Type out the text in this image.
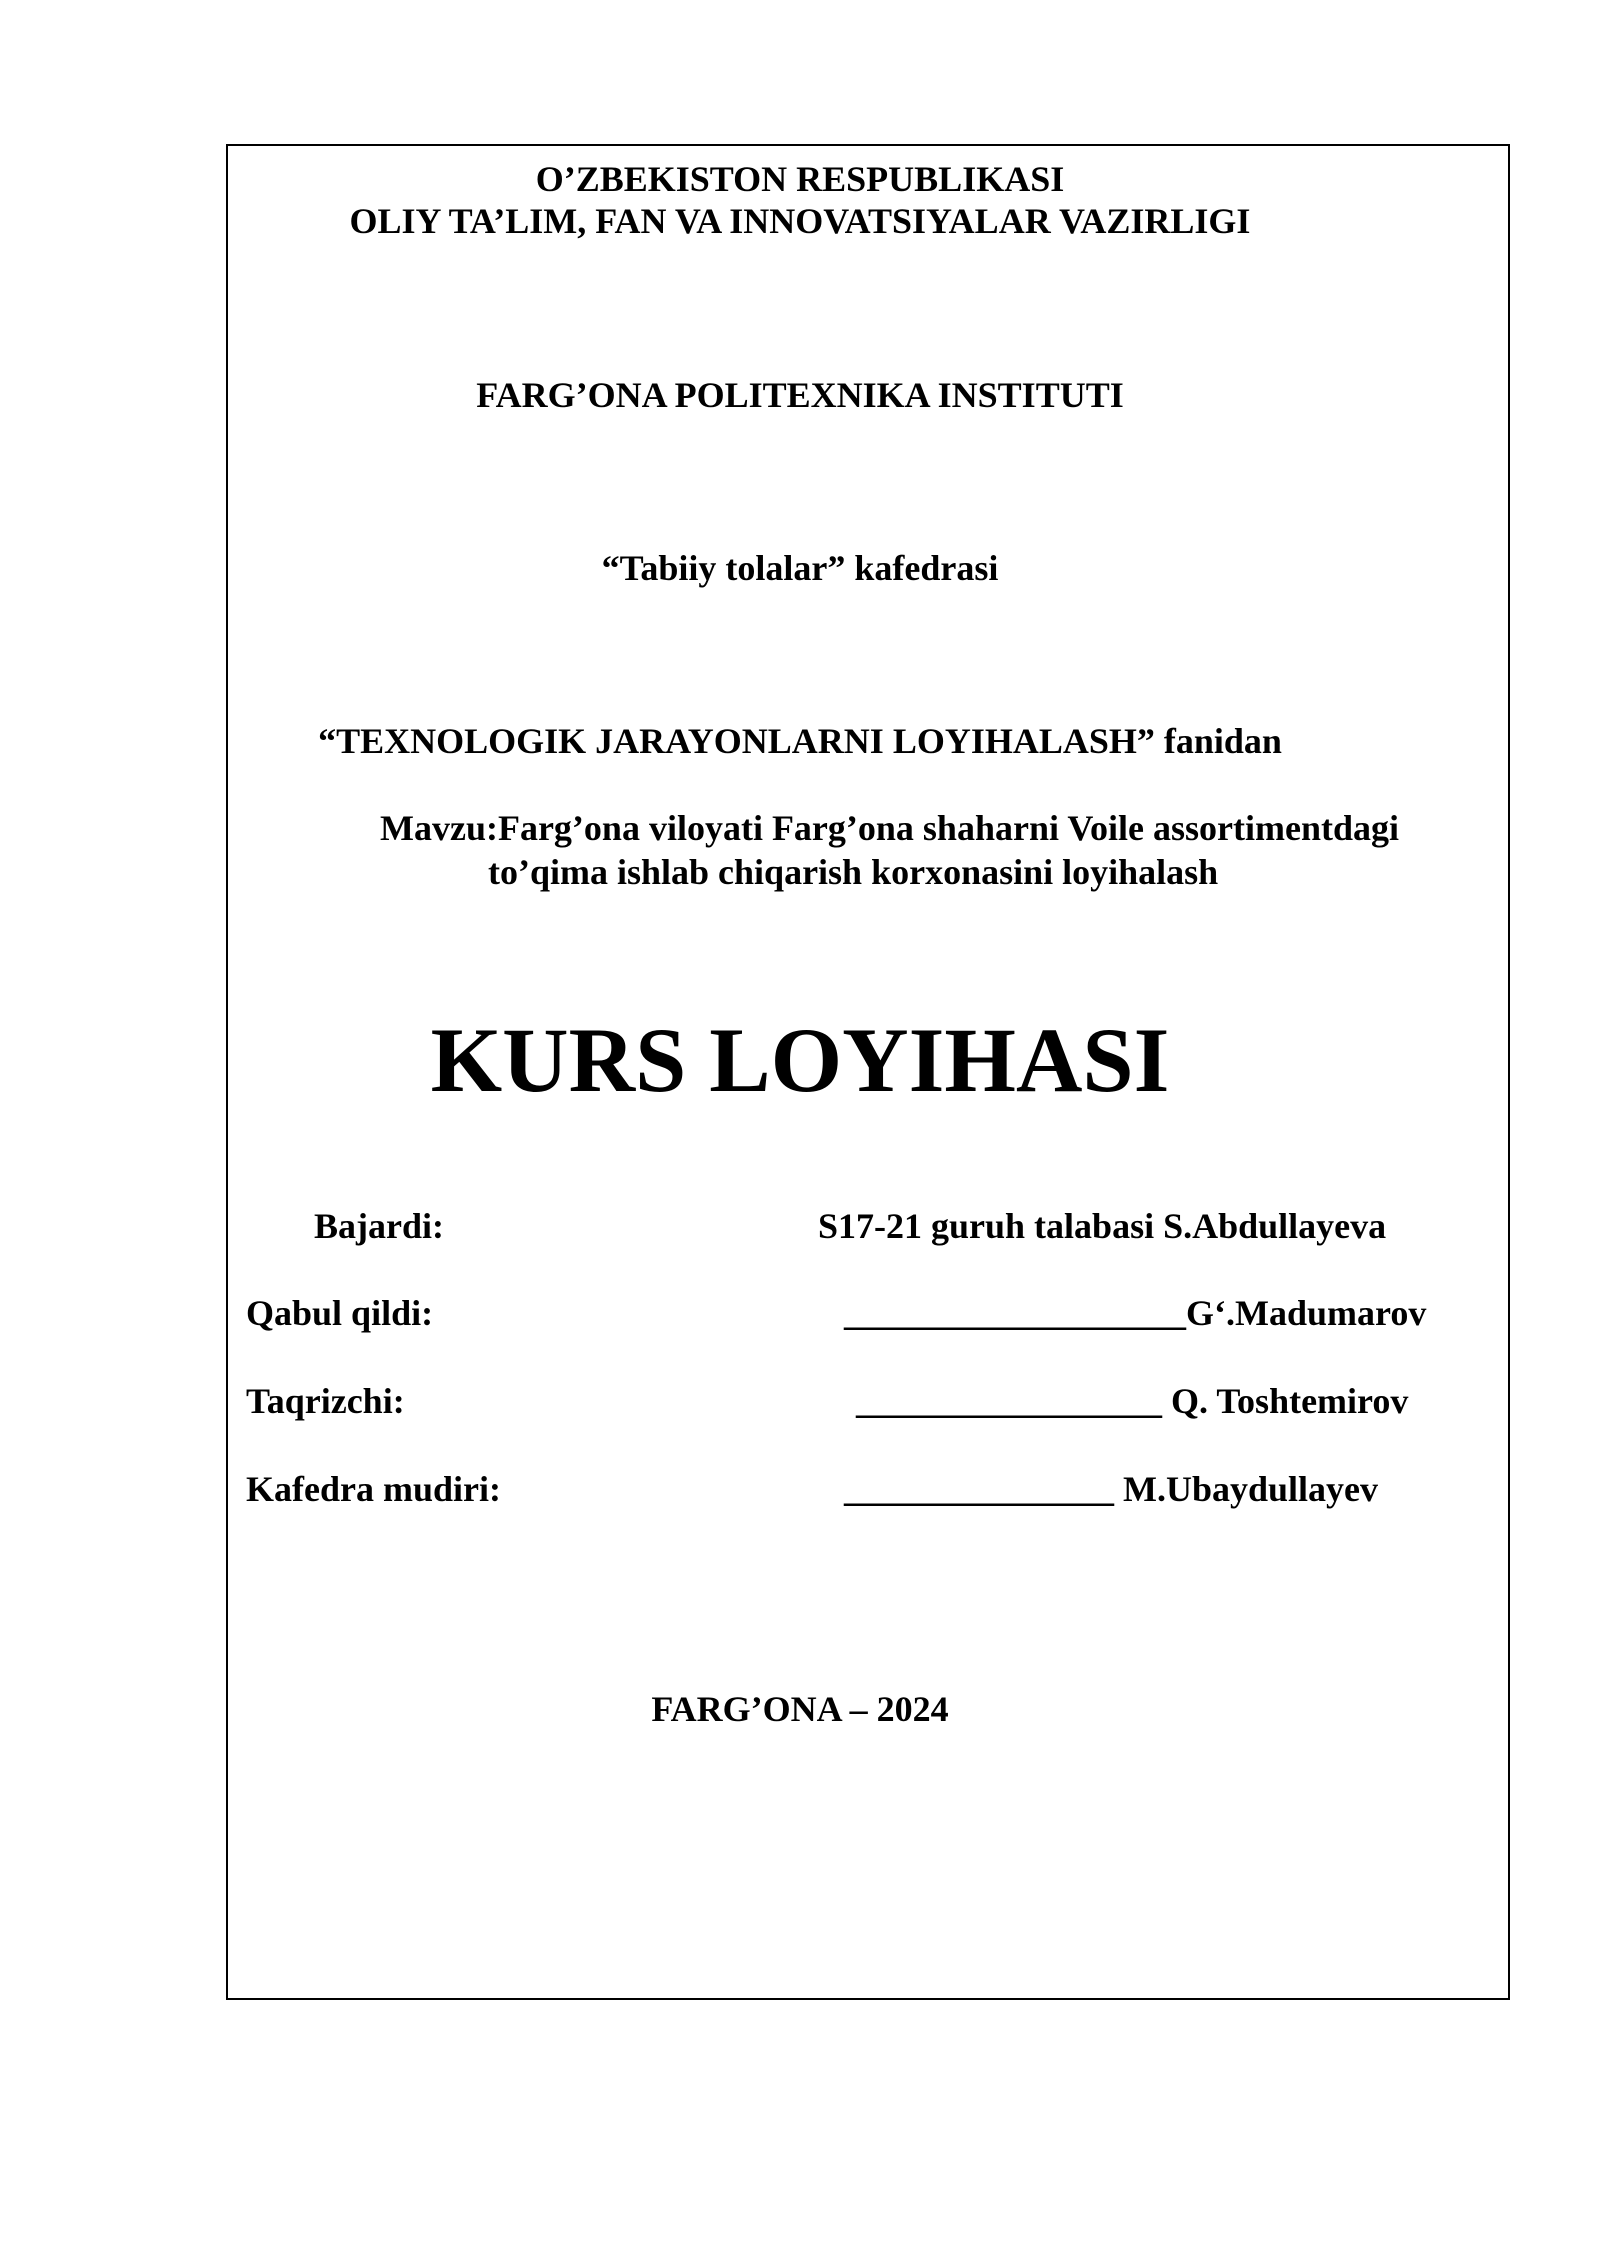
O’ZBEKISTON RESPUBLIKASI
OLIY TA’LIM, FAN VA INNOVATSIYALAR VAZIRLIGI
FARG’ONA POLITEXNIKA INSTITUTI
“Tabiiy tolalar” kafedrasi
“TEXNOLOGIK JARAYONLARNI LOYIHALASH” fanidan
Mavzu:Farg’ona viloyati Farg’ona shaharni Voile assortimentdagi
to’qima ishlab chiqarish korxonasini loyihalash
KURS LOYIHASI
Bajardi:	S17-21 guruh talabasi S.Abdullayeva
Qabul qildi:	___________________G‘.Madumarov
Taqrizchi:	_________________ Q. Toshtemirov
Kafedra mudiri:	_______________ M.Ubaydullayev
FARG’ONA – 2024
